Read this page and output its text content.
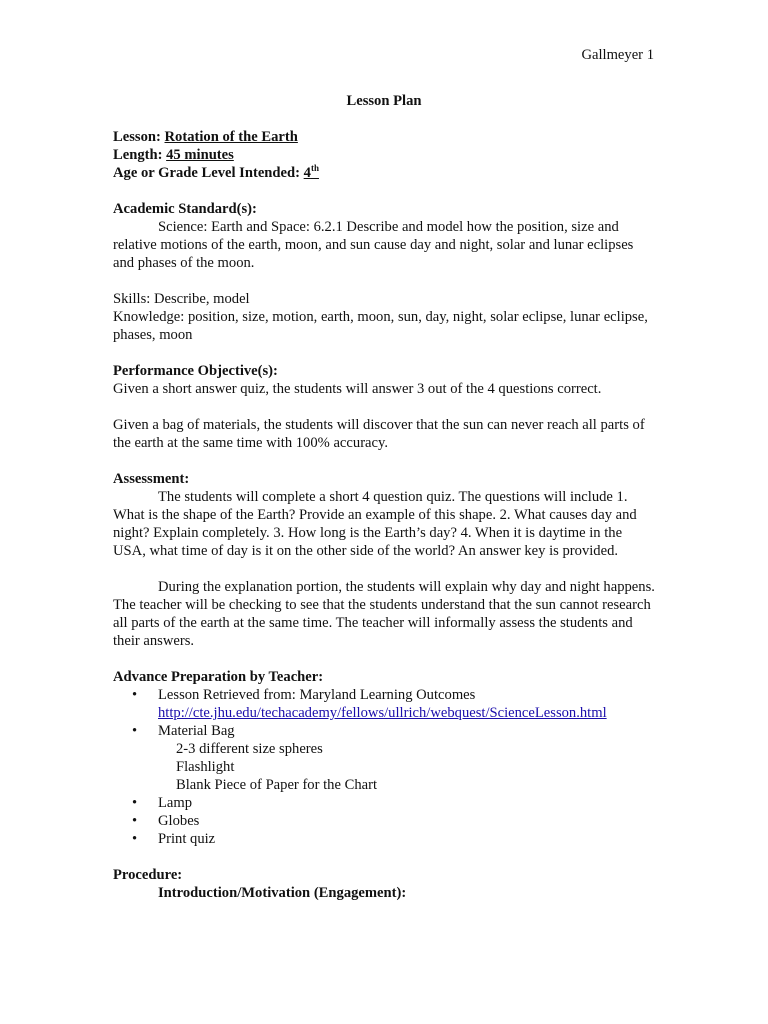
Gallmeyer 1
Lesson Plan
Lesson: Rotation of the Earth
Length: 45 minutes
Age or Grade Level Intended: 4th
Academic Standard(s):

Science: Earth and Space: 6.2.1 Describe and model how the position, size and relative motions of the earth, moon, and sun cause day and night, solar and lunar eclipses and phases of the moon.

Skills: Describe, model

Knowledge: position, size, motion, earth, moon, sun, day, night, solar eclipse, lunar eclipse, phases, moon

Performance Objective(s):

Given a short answer quiz, the students will answer 3 out of the 4 questions correct.

Given a bag of materials, the students will discover that the sun can never reach all parts of the earth at the same time with 100% accuracy.

Assessment:

The students will complete a short 4 question quiz. The questions will include 1. What is the shape of the Earth? Provide an example of this shape. 2. What causes day and night? Explain completely. 3. How long is the Earth’s day? 4. When it is daytime in the USA, what time of day is it on the other side of the world? An answer key is provided.

During the explanation portion, the students will explain why day and night happens. The teacher will be checking to see that the students understand that the sun cannot research all parts of the earth at the same time. The teacher will informally assess the students and their answers.

Advance Preparation by Teacher:
• Lesson Retrieved from: Maryland Learning Outcomes
http://cte.jhu.edu/techacademy/fellows/ullrich/webquest/ScienceLesson.html
• Material Bag
2-3 different size spheres
Flashlight
Blank Piece of Paper for the Chart
• Lamp
• Globes
• Print quiz
Procedure:
Introduction/Motivation (Engagement):
